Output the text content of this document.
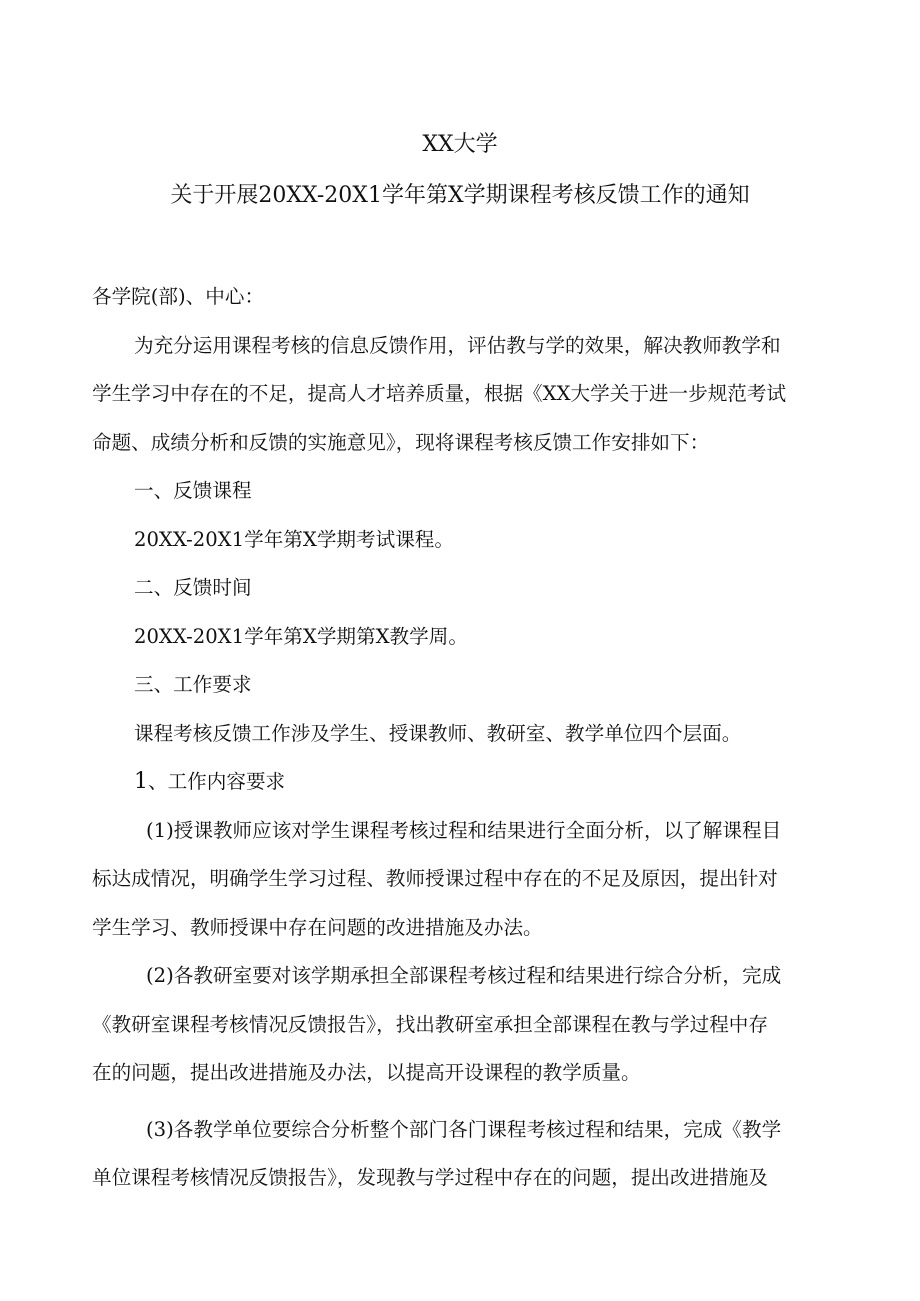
XX大学
关于开展20XX-20X1学年第X学期课程考核反馈工作的通知

各学院(部)、中心：

为充分运用课程考核的信息反馈作用，评估教与学的效果，解决教师教学和

学生学习中存在的不足，提高人才培养质量，根据《XX大学关于进一步规范考试

命题、成绩分析和反馈的实施意见》，现将课程考核反馈工作安排如下：

一、反馈课程

20XX-20X1学年第X学期考试课程。

二、反馈时间

20XX-20X1学年第X学期第X教学周。

三、工作要求

课程考核反馈工作涉及学生、授课教师、教研室、教学单位四个层面。

1、工作内容要求

(1)授课教师应该对学生课程考核过程和结果进行全面分析，以了解课程目

标达成情况，明确学生学习过程、教师授课过程中存在的不足及原因，提出针对

学生学习、教师授课中存在问题的改进措施及办法。

(2)各教研室要对该学期承担全部课程考核过程和结果进行综合分析，完成

《教研室课程考核情况反馈报告》，找出教研室承担全部课程在教与学过程中存

在的问题，提出改进措施及办法，以提高开设课程的教学质量。

(3)各教学单位要综合分析整个部门各门课程考核过程和结果，完成《教学

单位课程考核情况反馈报告》，发现教与学过程中存在的问题，提出改进措施及
